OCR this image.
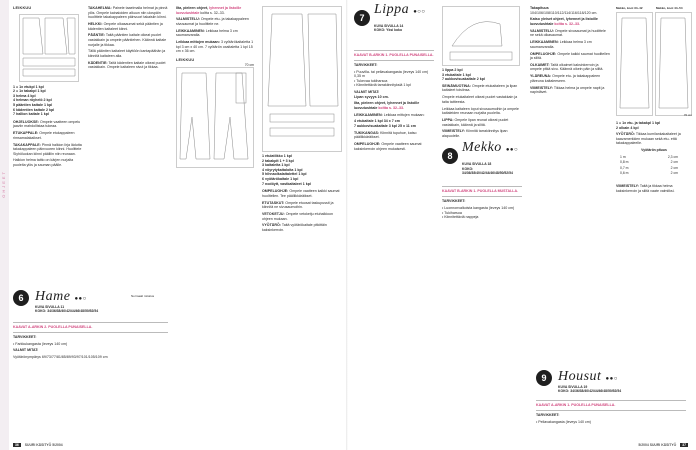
OHJEET
LEIKKUU

1 = 1x etukpl 1 kpl

2 = 1x takakpl 1 kpl

3 helma 4 kpl

4 helman röyhelö 2 kpl

5 pääntien kaitale 1 kpl

6 kädentien kaitale 2 kpl

7 hallion kaitale 1 kpl

OHJELUOKSE: Ompele vaatteen ompelu jaaviin mahdollistaa tukeaa.

ETUKAPPALE: Ompele etukappaleen rimsamalakaikset.

TAKAKAPPALE: Pinnä halkion lirja lädutta takakappaleen päinvuoren kiinni. Huolittele Siyhöluokan kiinni päälliin niin reunaan.

Halkion helma taitto on kärjen nurjalta puolelta ylös ja sauman päälle.

TAKAHELMA: Painele taaelmalla helmat ja pinnä ylös. Ompele kainaloiden alkuun niin ulospäin huolittele takakappaleen päinvuori takaisiin kiinni.

HELKKI: Ompele olkasaumat sekä pääntien ja kädentien kaitaleet kiinni.

PÄÄNTIE: Taitä pääntien kaitale oikeat puolet vastakkain ja ompele pääntiehen. Käännä kaitale nurjalle ja tikkaa.

Tällä pääntien kaitaleet käyttöön kantapäähän ja kiinnitä kaitaleen alla.

KÄDENTIE: Taitä kädentien kaitale oikeat puolet vastakkain. Ompele kaitaleen sivut ja tikkaa.

Ilta, pieleen ohjeet, lyhennet ja listoille luovutushtale koltta s. 32–33.

VALMISTELU: Ompele etu- ja takakappaleen sivusaumat ja huolittele ne.

LEIKKAAMINEN: Leikkaa helma 3 cm saumanvaralla.

Leikkaa mittojen mukaan: 3 vyötärökaitaletta 1 kpl 3 cm x 40 cm. 7 vyötärön oxaitaletta 1 kpl 15 cm x 36 cm.

LEIKKUU
70 cm

1 etulatlikko 1 kpl

2 takakplt 1 + 3 kpl

3 kaitaleita 1 kpl

4 vöyrytykaitaloita 1 kpl

5 hihnaolkalaitalettel 1 kpl

6 vyötärökaitale 1 kpl

7 nodöytt, vastkaitaleet 1 kpl

OMPELUOHJE: Ompele vaatteen kaikki saumat huolitellen. Tee päällikkäräikset.

ETUTASKUT: Ompele etuosat taskupussit ja kiinnitä ne sivusaumoihin.

VETOKETJU: Ompele vetoketju etuhalkioon ohjeen mukaan.

VYÖTÄRÖ: Taitä vyötärökaitale pitkittäin kaksinkerroin.

6 Hame ●●○
KUVA SIVULLA 11
KOKO: 34/36/38/40/42/44/46/48/50/52/54
Normaali mitoitus

KAAVAT A-ARKIN 2. PUOLELLA PUNAISELLA.

TARVIKKEET:

• Farkkukangasta (leveys 140 cm)

VALMIT MITAT:

Vyötärönympärys 69/73/77/81/85/89/93/97/101/105/109 cm

36 SUURI KÄSITYÖ 5/2004
7
Lippa ●○○
KUVA SIVULLA 14
KOKO: Yksi koko

KAAVAT B-ARKIN 1. PUOLELLA PUNAISELLA.

TARVIKKEET:

• Puuvilla- tai pellavakangasta (leveys 140 cm) 0,35 m

• Tukevaa tukiharsoa

• Kiinnitettäviä tarrakiinnityksiä 1 kpl

VALMIT MITAT:
Lipan syvyys 10 cm.

Ilta, pieleen ohjeet, lyhennet ja listoille luovutushtale koltta s. 32–33.

LEIKKAAMINEN: Leikkaa mittojen mukaan:

4 etukaitale 1 kpl 34 x 7 cm

7 aukkovisuakaitale 3 kpl 25 x 11 cm

TUKIKANGAS: Kiinnitä tupuhue, katso päällikkäräikset.

OMPELUOHJE: Ompele vaatteen saumat kaksinkerroin ohjeen mukaisesti.

1 lippa 2 kpl

3 etukaitale 1 kpl

7 aukkovisuakaitale 2 kpl

SEINÄMUOTINA: Ompele etukaitaleen ja lipan kaitaleet toisiinsa.

Ompele etukaitaleet oikeat puolet vastakkain ja taita taitteesta.

Leikkaa kaitaleen loput sivusaumoihin ja ompele kaitaleiden reunaan nurjalta puolelta.

LIPPA: Ompele lipan reunat oikeat puolet vastakkain, käännä ja silitä.

VIIMEISTELY: Kiinnitä tarrakiinnitys lipan alapuolelle.

8
Mekko ●●○
KUVA SIVULLA 18
KOKO: 34/36/38/40/42/44/46/48/50/52/54

KAAVAT B-ARKIN 1. PUOLELLA MUSTALLA.

TARVIKKEET:

• Luonnonvalkoista kangasta (leveys 140 cm)

• Tukiharsoa

• Kiinnitettäviä nappeja

Takapituus 104/106/108/110/112/114/116/118/120 cm.

Katso yleiset ohjeet, lyhennet ja listoille luovutushtale koltta s. 32–33.

VALMISTELU: Ompele sivusaumat ja huolittele ne sekä olkasaumat.

LEIKKAAMINEN: Leikkaa helma 3 cm saumanvaralla.

OMPELUOHJE: Ompele kaikki saumat huolitellen ja silitä.

OLKAIMET: Taitä olkaimet kaksinkerroin ja ompele pitkä sivu. Käännä oikein päin ja silitä.

YLÄREUNA: Ompele etu- ja takakappaleen yläreuna kaitaleeseen.

VIIMEISTELY: Tikkaa helma ja ompele napit ja napinlävet.

Mekko, koot 34–42	Mekko, koot 44–54
70 cm

1 = 1x etu- ja takakpl 1 kpl

2 olkain 4 kpl

VYÖTÄRÖ: Tikkaa kumilankakaitaleet ja kaavamerkkien mukaan sekä etu- että takakappaleelle.

Vyötärön pituus
1 m	2,3 cm
0,8 m	2 cm
0,7 m	2 cm
0,6 m	2 cm

VIIMEISTELY: Taitä ja tikkaa helma kaksinkerroin ja silitä vaate valmiiksi.

9 Housut ●●○
KUVA SIVULLA 19
KOKO: 34/36/38/40/42/44/46/48/50/52/54

KAAVAT A-ARKIN 1. PUOLELLA PUNAISELLA.

TARVIKKEET:

• Pellavakangasta (leveys 140 cm)

5/2004 SUURI KÄSITYÖ 37
